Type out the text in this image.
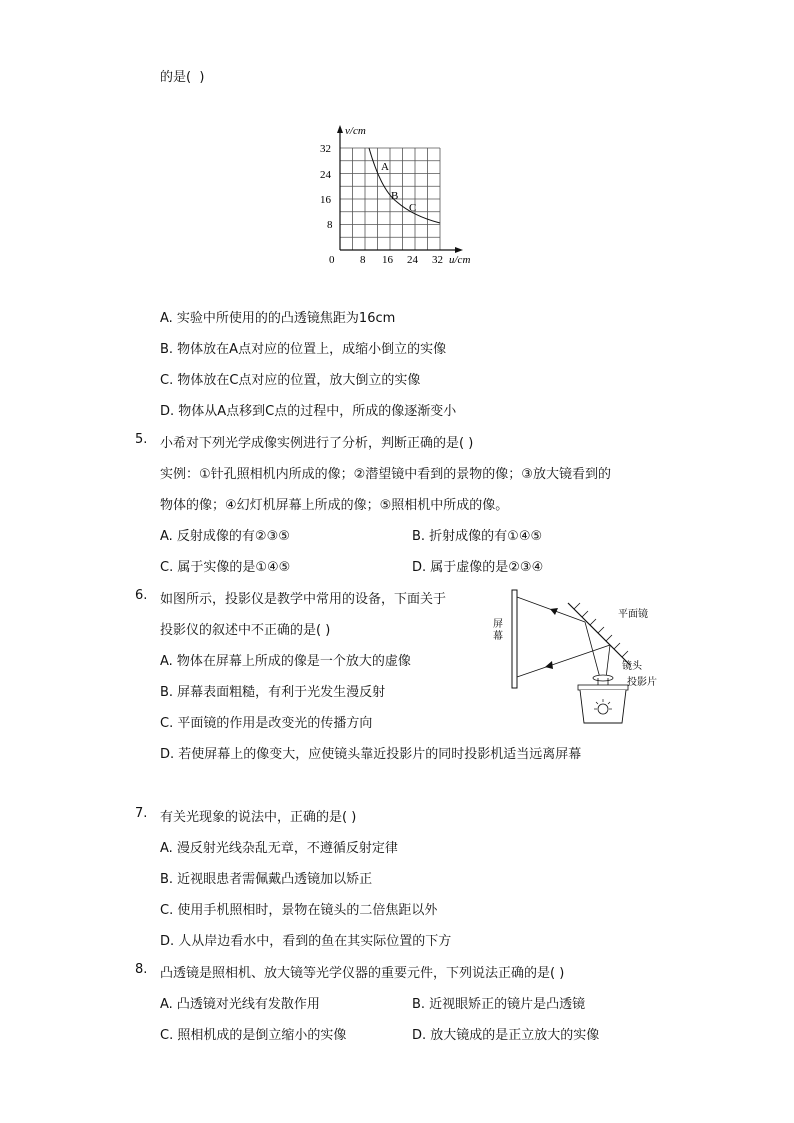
的是(  )
v/cm
u/cm
0 8 16 24 32
32
24
16
8
A
B
C
A. 实验中所使用的的凸透镜焦距为16cm
B. 物体放在A点对应的位置上，成缩小倒立的实像
C. 物体放在C点对应的位置，放大倒立的实像
D. 物体从A点移到C点的过程中，所成的像逐渐变小
5. 小希对下列光学成像实例进行了分析，判断正确的是( )
实例：①针孔照相机内所成的像；②潜望镜中看到的景物的像；③放大镜看到的
物体的像；④幻灯机屏幕上所成的像；⑤照相机中所成的像。
A. 反射成像的有②③⑤	B. 折射成像的有①④⑤
C. 属于实像的是①④⑤	D. 属于虚像的是②③④
6. 如图所示，投影仪是教学中常用的设备，下面关于
投影仪的叙述中不正确的是( )
A. 物体在屏幕上所成的像是一个放大的虚像
B. 屏幕表面粗糙，有利于光发生漫反射
C. 平面镜的作用是改变光的传播方向
D. 若使屏幕上的像变大，应使镜头靠近投影片的同时投影机适当远离屏幕
屏
幕
平面镜
镜头
投影片
7. 有关光现象的说法中，正确的是( )
A. 漫反射光线杂乱无章，不遵循反射定律
B. 近视眼患者需佩戴凸透镜加以矫正
C. 使用手机照相时，景物在镜头的二倍焦距以外
D. 人从岸边看水中，看到的鱼在其实际位置的下方
8. 凸透镜是照相机、放大镜等光学仪器的重要元件，下列说法正确的是( )
A. 凸透镜对光线有发散作用	B. 近视眼矫正的镜片是凸透镜
C. 照相机成的是倒立缩小的实像	D. 放大镜成的是正立放大的实像
